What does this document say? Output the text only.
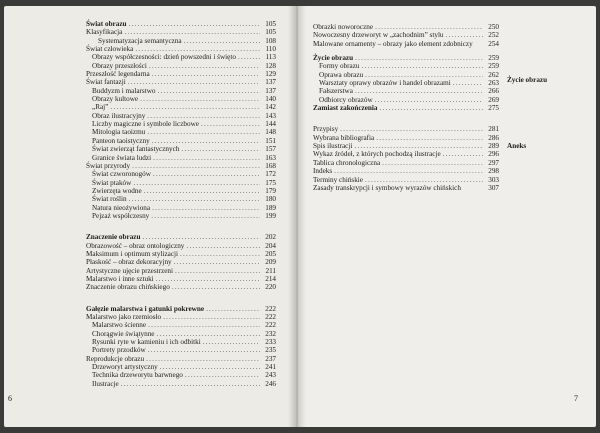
Świat obrazu .....	105
Klasyfikacja .....	105
Systematyzacja semantyczna .....	108
Świat człowieka .....	110
Obrazy współczesności: dzień powszedni i święto .....	113
Obrazy przeszłości .....	128
Przeszłość legendarna .....	129
Świat fantazji .....	137
Buddyzm i malarstwo .....	137
Obrazy kultowe .....	140
„Raj” .....	142
Obraz ilustracyjny .....	143
Liczby magiczne i symbole liczbowe .....	144
Mitologia taoizmu .....	148
Panteon taoistyczny .....	151
Świat zwierząt fantastycznych .....	157
Granice świata ludzi .....	163
Świat przyrody .....	168
Świat czworonogów .....	172
Świat ptaków .....	175
Zwierzęta wodne .....	179
Świat roślin .....	180
Natura nieożywiona .....	189
Pejzaż współczesny .....	199
Znaczenie obrazu .....	202
Obrazowość – obraz ontologiczny .....	204
Maksimum i optimum stylizacji .....	205
Płaskość – obraz dekoracyjny .....	209
Artystyczne ujęcie przestrzeni .....	211
Malarstwo i inne sztuki .....	214
Znaczenie obrazu chińskiego .....	220
Gałęzie malarstwa i gatunki pokrewne .....	222
Malarstwo jako rzemiosło .....	222
Malarstwo ścienne .....	222
Chorągwie świątynne .....	232
Rysunki ryte w kamieniu i ich odbitki .....	233
Portrety przodków .....	235
Reprodukcje obrazu .....	237
Drzeworyt artystyczny .....	241
Technika drzeworytu barwnego .....	243
Ilustracje .....	246
6
Obrazki noworoczne .....	250
Nowoczesny drzeworyt w „zachodnim” stylu .....	252
Malowane ornamenty – obrazy jako element zdobniczy	254
Życie obrazu .....	259
Formy obrazu .....	259
Oprawa obrazu .....	262
Warsztaty oprawy obrazów i handel obrazami .....	263
Fałszerstwa .....	266
Odbiorcy obrazów .....	269
Zamiast zakończenia .....	275
Przypisy .....	281
Wybrana bibliografia .....	286
Spis ilustracji .....	289
Wykaz źródeł, z których pochodzą ilustracje .....	296
Tablica chronologiczna .....	297
Indeks .....	298
Terminy chińskie .....	303
Zasady transkrypcji i symbowy wyrazów chińskich	307
Życie obrazu
Aneks
7
